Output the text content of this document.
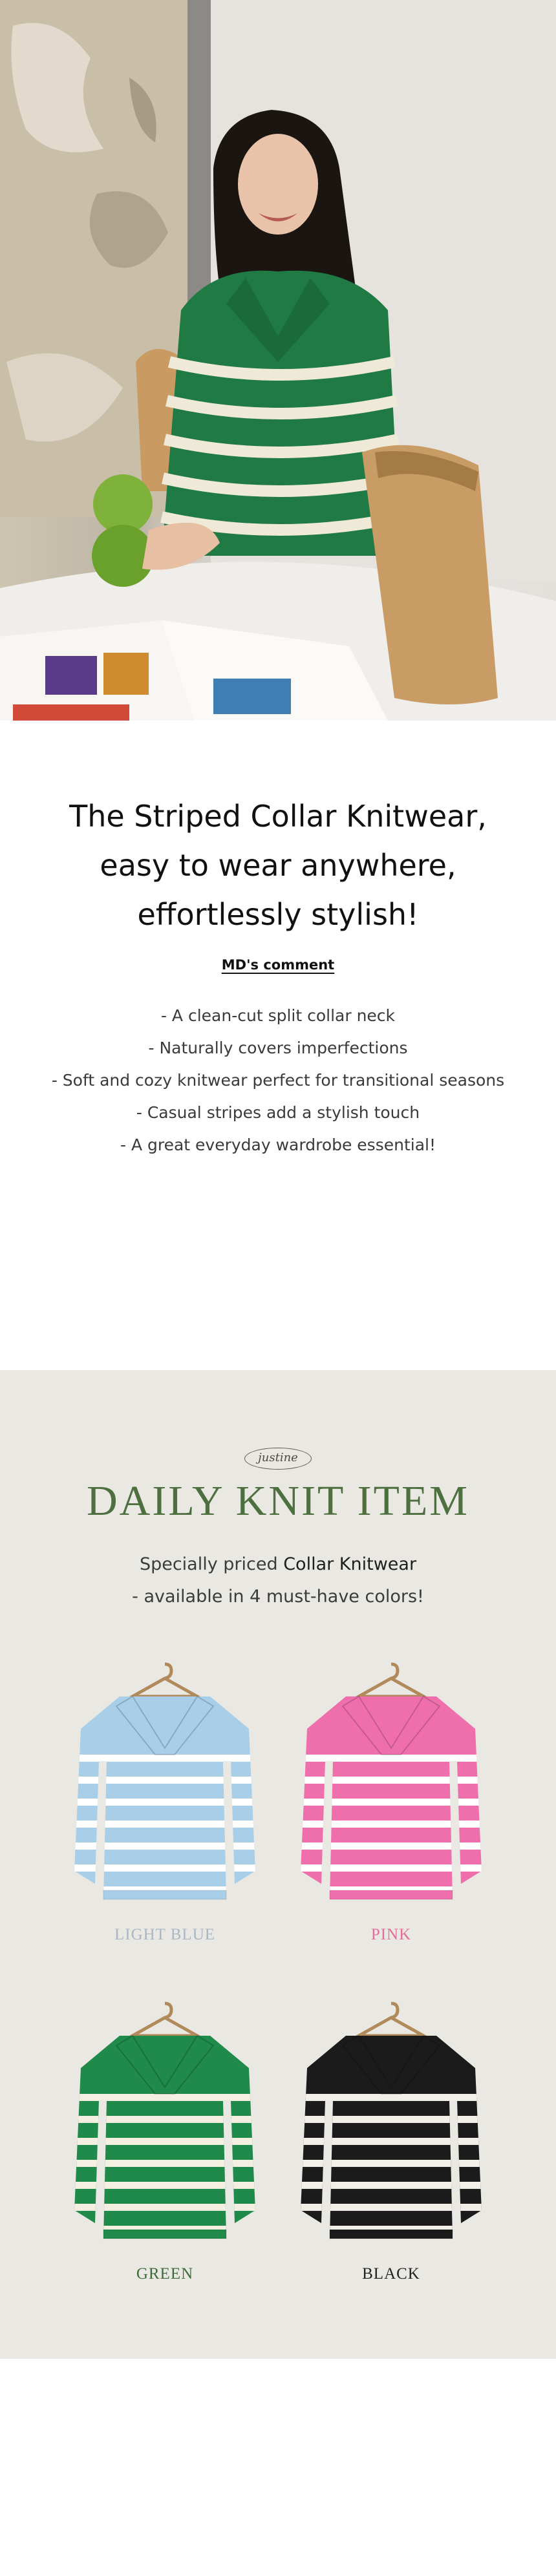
The Striped Collar Knitwear,
easy to wear anywhere,
effortlessly stylish!
MD's comment
- A clean-cut split collar neck
- Naturally covers imperfections
- Soft and cozy knitwear perfect for transitional seasons
- Casual stripes add a stylish touch
- A great everyday wardrobe essential!
justine
DAILY KNIT ITEM

Specially priced Collar Knitwear

- available in 4 must-have colors!

LIGHT BLUE	PINK
GREEN	BLACK
